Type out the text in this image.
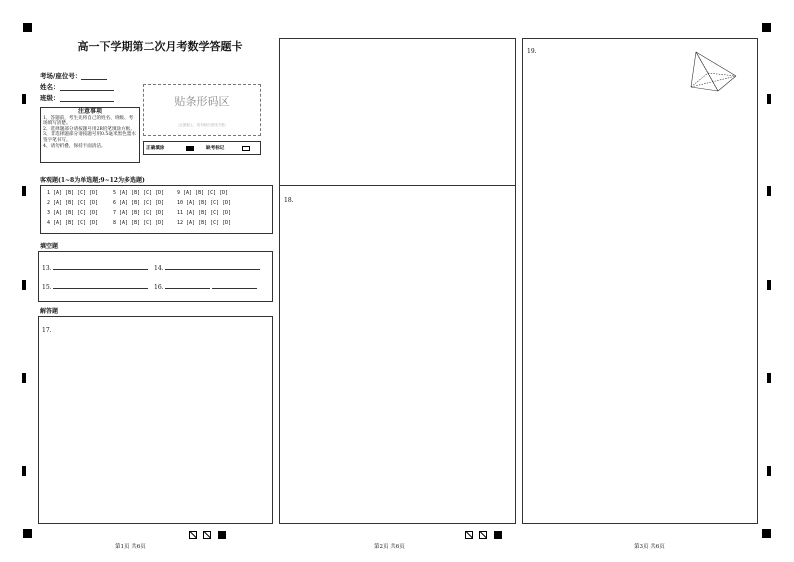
高一下学期第二次月考数学答题卡
考场/座位号：
姓名：
班级：
注意事项
1、答题前，考生先将自己的姓名、班级、考场填写清楚。
2、选择题部分请按题号用2B铅笔填涂方框。
3、非选择题部分请按题号用0.5毫米黑色墨水签字笔书写。
4、请勿折叠，保持卡面清洁。
贴条形码区
（正面朝上，切勿贴出虚线方框）
正确填涂	缺考标记
客观题(1~8为单选题;9~12为多选题)
1 [A] [B] [C] [D]	5 [A] [B] [C] [D]	9 [A] [B] [C] [D]
2 [A] [B] [C] [D]	6 [A] [B] [C] [D]	10 [A] [B] [C] [D]
3 [A] [B] [C] [D]	7 [A] [B] [C] [D]	11 [A] [B] [C] [D]
4 [A] [B] [C] [D]	8 [A] [B] [C] [D]	12 [A] [B] [C] [D]
填空题
13.	14.
15.	16.
解答题
17.
18.
19.
第1页 共6页	第2页 共6页	第3页 共6页
